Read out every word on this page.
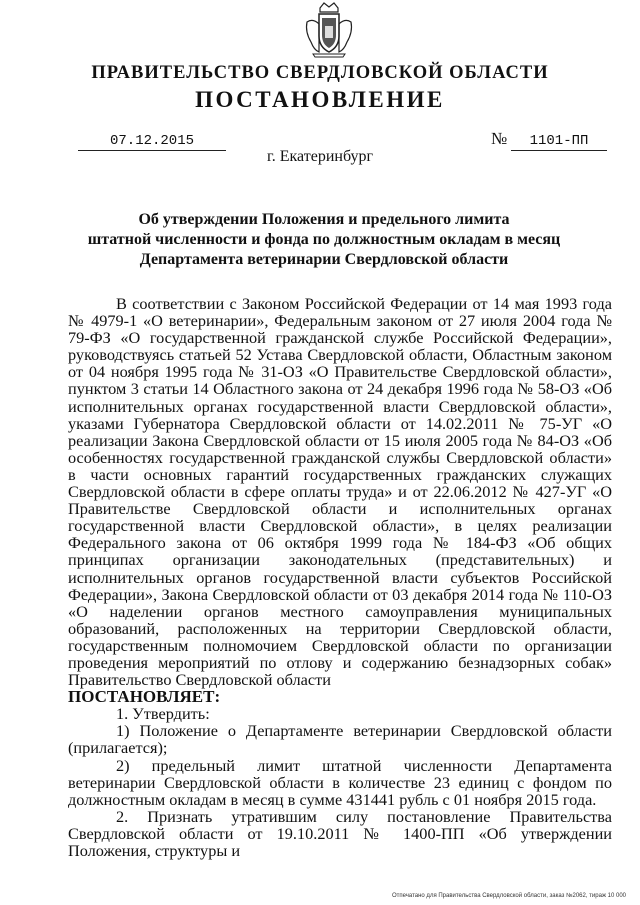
ПРАВИТЕЛЬСТВО СВЕРДЛОВСКОЙ ОБЛАСТИ
ПОСТАНОВЛЕНИЕ
07.12.2015	№	1101-ПП
г. Екатеринбург
Об утверждении Положения и предельного лимита
штатной численности и фонда по должностным окладам в месяц
Департамента ветеринарии Свердловской области

В соответствии с Законом Российской Федерации от 14 мая 1993 года № 4979-1 «О ветеринарии», Федеральным законом от 27 июля 2004 года № 79-ФЗ «О государственной гражданской службе Российской Федерации», руководствуясь статьей 52 Устава Свердловской области, Областным законом от 04 ноября 1995 года № 31-ОЗ «О Правительстве Свердловской области», пунктом 3 статьи 14 Областного закона от 24 декабря 1996 года № 58-ОЗ «Об исполнительных органах государственной власти Свердловской области», указами Губернатора Свердловской области от 14.02.2011 № 75-УГ «О реализации Закона Свердловской области от 15 июля 2005 года № 84-ОЗ «Об особенностях государственной гражданской службы Свердловской области» в части основных гарантий государственных гражданских служащих Свердловской области в сфере оплаты труда» и от 22.06.2012 № 427-УГ «О Правительстве Свердловской области и исполнительных органах государственной власти Свердловской области», в целях реализации Федерального закона от 06 октября 1999 года № 184-ФЗ «Об общих принципах организации законодательных (представительных) и исполнительных органов государственной власти субъектов Российской Федерации», Закона Свердловской области от 03 декабря 2014 года № 110-ОЗ «О наделении органов местного самоуправления муниципальных образований, расположенных на территории Свердловской области, государственным полномочием Свердловской области по организации проведения мероприятий по отлову и содержанию безнадзорных собак» Правительство Свердловской области

ПОСТАНОВЛЯЕТ:

1. Утвердить:

1) Положение о Департаменте ветеринарии Свердловской области (прилагается);

2) предельный лимит штатной численности Департамента ветеринарии Свердловской области в количестве 23 единиц с фондом по должностным окладам в месяц в сумме 431441 рубль с 01 ноября 2015 года.

2. Признать утратившим силу постановление Правительства Свердловской области от 19.10.2011 № 1400-ПП «Об утверждении Положения, структуры и

Отпечатано для Правительства Свердловской области, заказ №2062, тираж 10 000
